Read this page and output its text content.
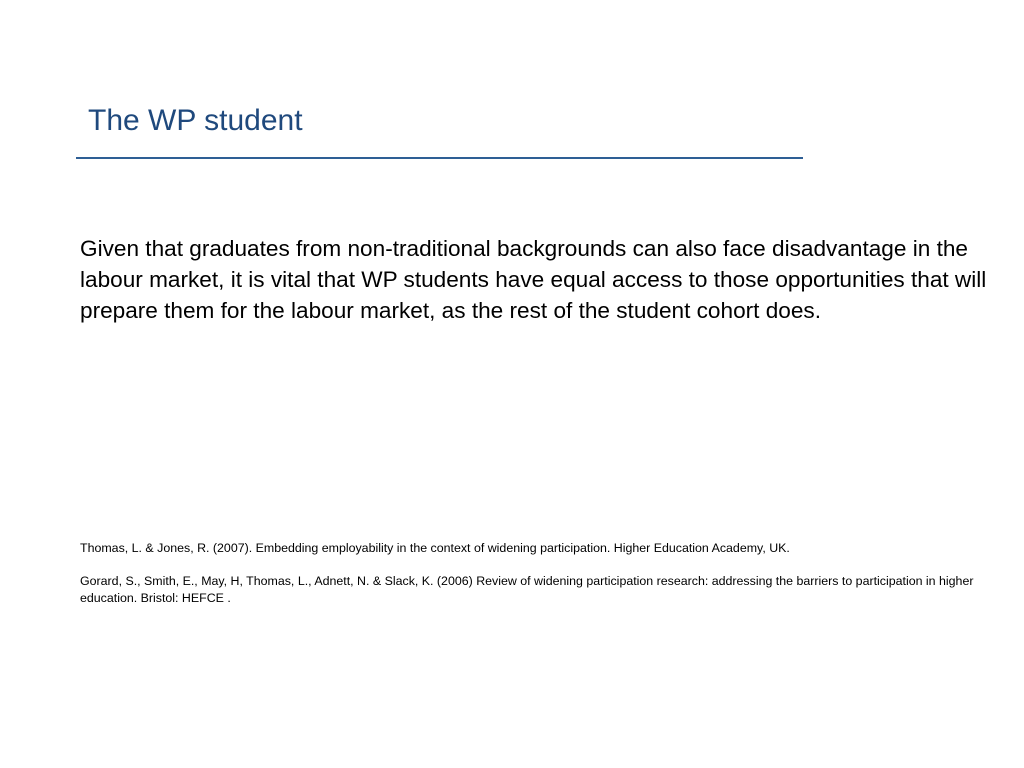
The WP student

Given that graduates from non-traditional backgrounds can also face disadvantage in the labour market, it is vital that WP students have equal access to those opportunities that will prepare them for the labour market, as the rest of the student cohort does.

Thomas, L. & Jones, R. (2007). Embedding employability in the context of widening participation. Higher Education Academy, UK.

Gorard, S., Smith, E., May, H, Thomas, L., Adnett, N. & Slack, K. (2006) Review of widening participation research: addressing the barriers to participation in higher education. Bristol: HEFCE .
